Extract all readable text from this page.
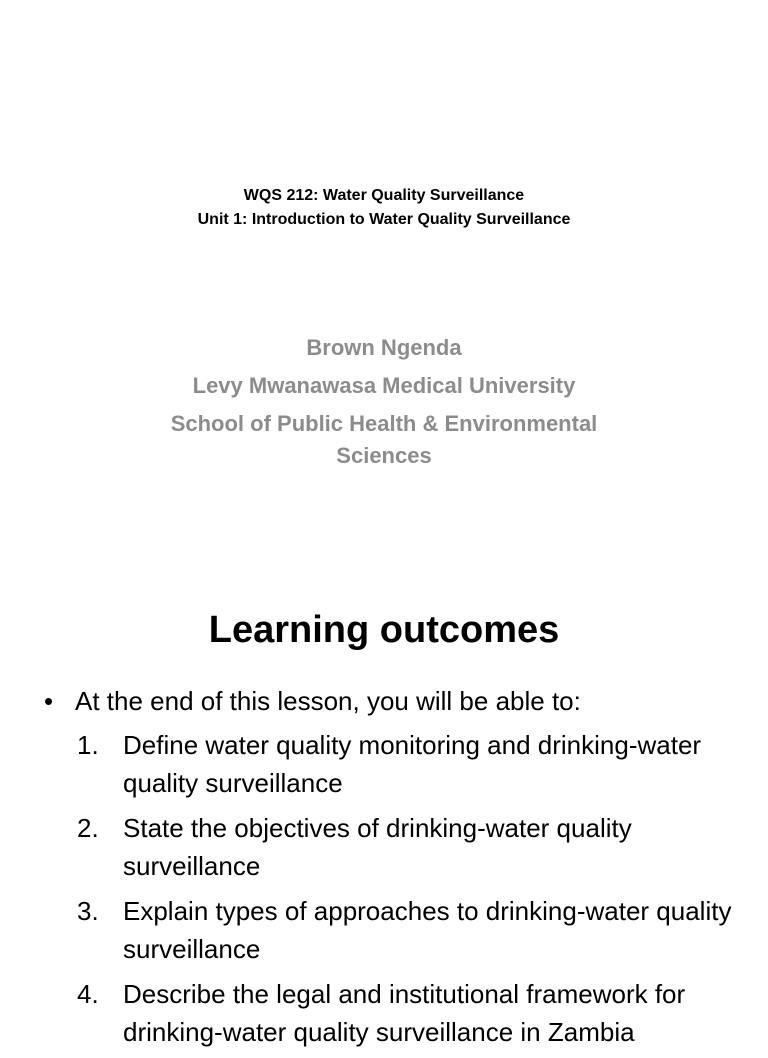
WQS 212: Water Quality Surveillance
Unit 1: Introduction to Water Quality Surveillance
Brown Ngenda
Levy Mwanawasa Medical University
School of Public Health & Environmental
Sciences
Learning outcomes
• At the end of this lesson, you will be able to:
1. Define water quality monitoring and drinking-water quality surveillance
2. State the objectives of drinking-water quality surveillance
3. Explain types of approaches to drinking-water quality surveillance
4. Describe the legal and institutional framework for drinking-water quality surveillance in Zambia
